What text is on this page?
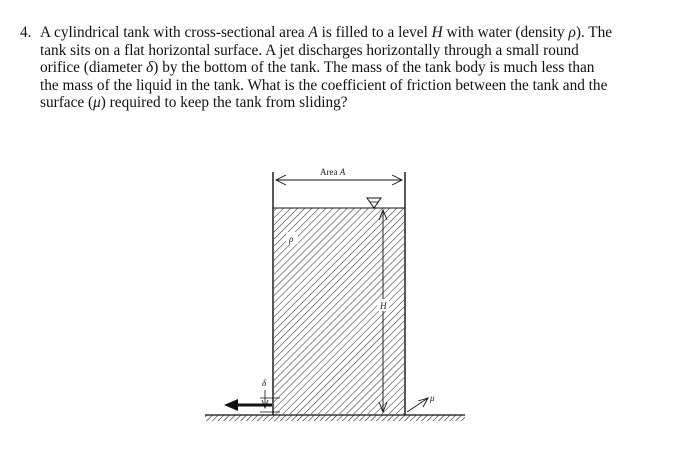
4. A cylindrical tank with cross-sectional area A is filled to a level H with water (density ρ). The
tank sits on a flat horizontal surface. A jet discharges horizontally through a small round
orifice (diameter δ) by the bottom of the tank. The mass of the tank body is much less than
the mass of the liquid in the tank. What is the coefficient of friction between the tank and the
surface (μ) required to keep the tank from sliding?
Area A
ρ
H
δ
μ
